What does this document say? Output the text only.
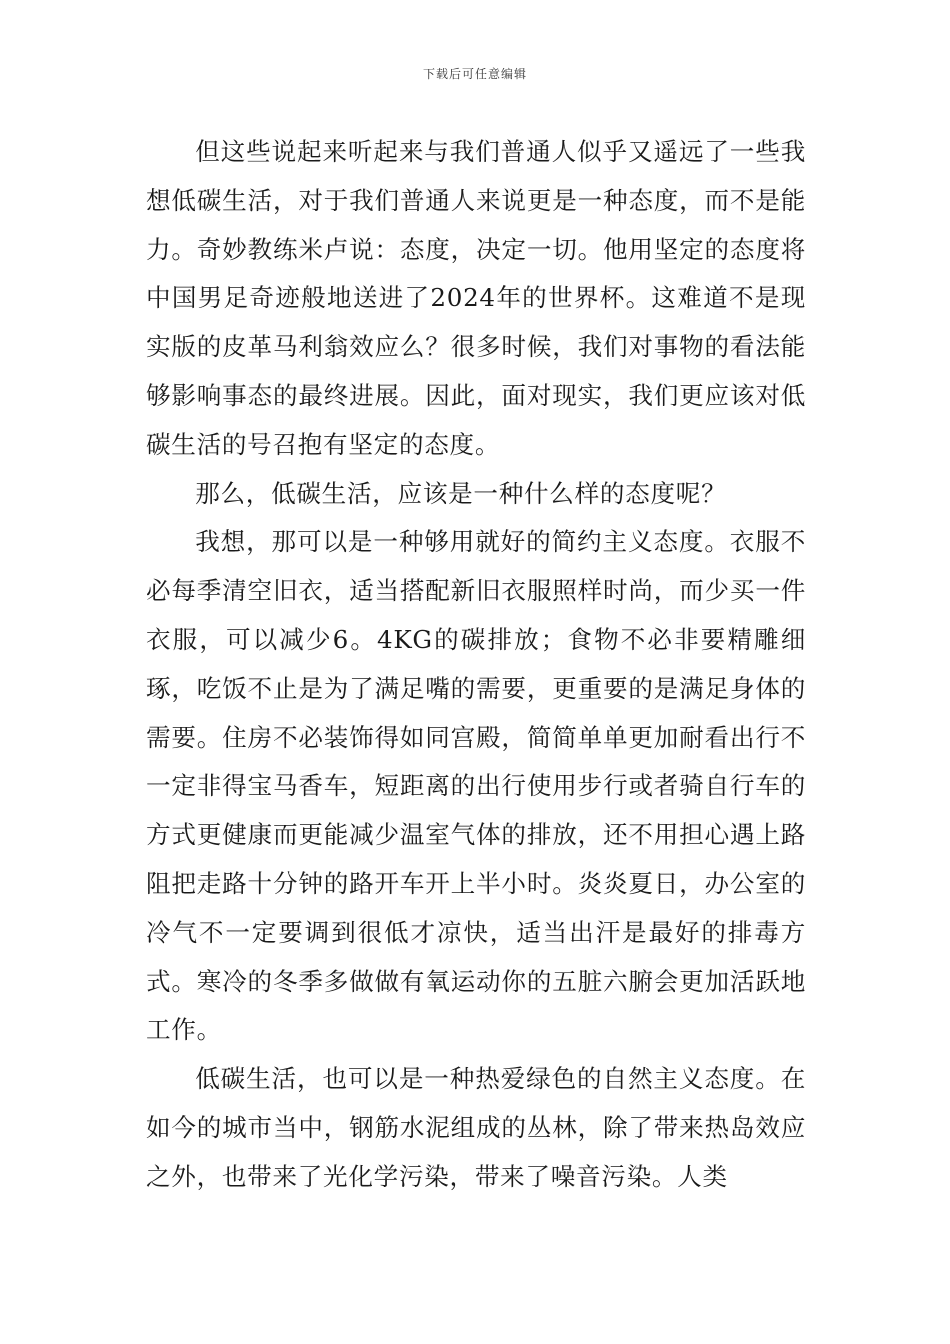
下载后可任意编辑

但这些说起来听起来与我们普通人似乎又遥远了一些我想低碳生活，对于我们普通人来说更是一种态度，而不是能力。奇妙教练米卢说：态度，决定一切。他用坚定的态度将中国男足奇迹般地送进了2024年的世界杯。这难道不是现实版的皮革马利翁效应么？很多时候，我们对事物的看法能够影响事态的最终进展。因此，面对现实，我们更应该对低碳生活的号召抱有坚定的态度。

那么，低碳生活，应该是一种什么样的态度呢？

我想，那可以是一种够用就好的简约主义态度。衣服不必每季清空旧衣，适当搭配新旧衣服照样时尚，而少买一件衣服，可以减少6。4KG的碳排放；食物不必非要精雕细琢，吃饭不止是为了满足嘴的需要，更重要的是满足身体的需要。住房不必装饰得如同宫殿，简简单单更加耐看出行不一定非得宝马香车，短距离的出行使用步行或者骑自行车的方式更健康而更能减少温室气体的排放，还不用担心遇上路阻把走路十分钟的路开车开上半小时。炎炎夏日，办公室的冷气不一定要调到很低才凉快，适当出汗是最好的排毒方式。寒冷的冬季多做做有氧运动你的五脏六腑会更加活跃地工作。

低碳生活，也可以是一种热爱绿色的自然主义态度。在如今的城市当中，钢筋水泥组成的丛林，除了带来热岛效应之外，也带来了光化学污染，带来了噪音污染。人类
